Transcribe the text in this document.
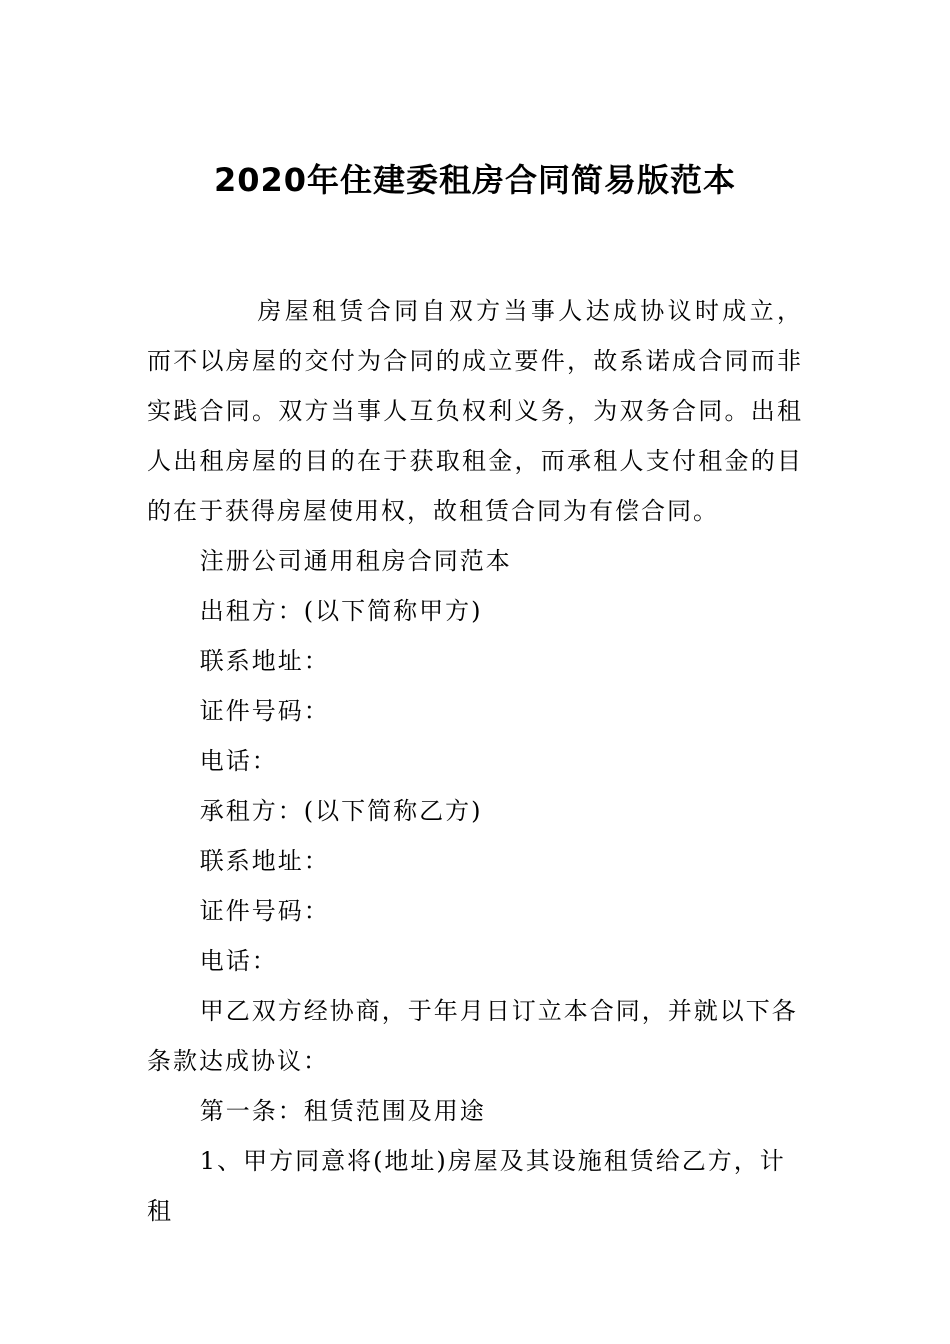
2020年住建委租房合同简易版范本

房屋租赁合同自双方当事人达成协议时成立，而不以房屋的交付为合同的成立要件，故系诺成合同而非实践合同。双方当事人互负权利义务，为双务合同。出租人出租房屋的目的在于获取租金，而承租人支付租金的目的在于获得房屋使用权，故租赁合同为有偿合同。

注册公司通用租房合同范本

出租方：(以下简称甲方)

联系地址：

证件号码：

电话：

承租方：(以下简称乙方)

联系地址：

证件号码：

电话：

甲乙双方经协商，于年月日订立本合同，并就以下各条款达成协议：

第一条：租赁范围及用途

1、甲方同意将(地址)房屋及其设施租赁给乙方，计租
